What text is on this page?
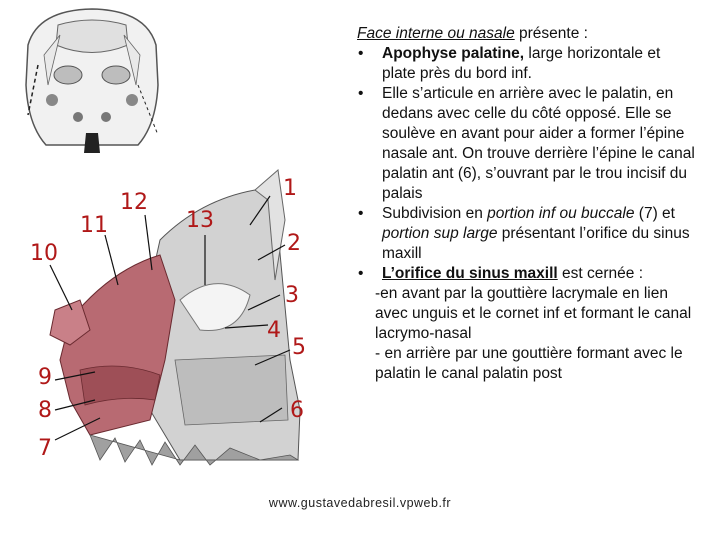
1
2
3
4
5
6
7
8
9
10
11
12
13
Face interne ou nasale présente :
• Apophyse palatine, large horizontale et plate près du bord inf.
• Elle s’articule en arrière avec le palatin, en dedans avec celle du côté opposé. Elle se soulève en avant pour aider a former l’épine nasale ant. On trouve derrière l’épine le canal palatin ant (6), s’ouvrant par le trou incisif du palais
• Subdivision en portion inf ou buccale (7) et portion sup large présentant l’orifice du sinus maxill
• L’orifice du sinus maxill est cernée :
-en avant par la gouttière lacrymale en lien avec unguis et le cornet inf et formant le canal lacrymo-nasal
- en arrière par une gouttière formant avec le palatin le canal palatin post
www.gustavedabresil.vpweb.fr
